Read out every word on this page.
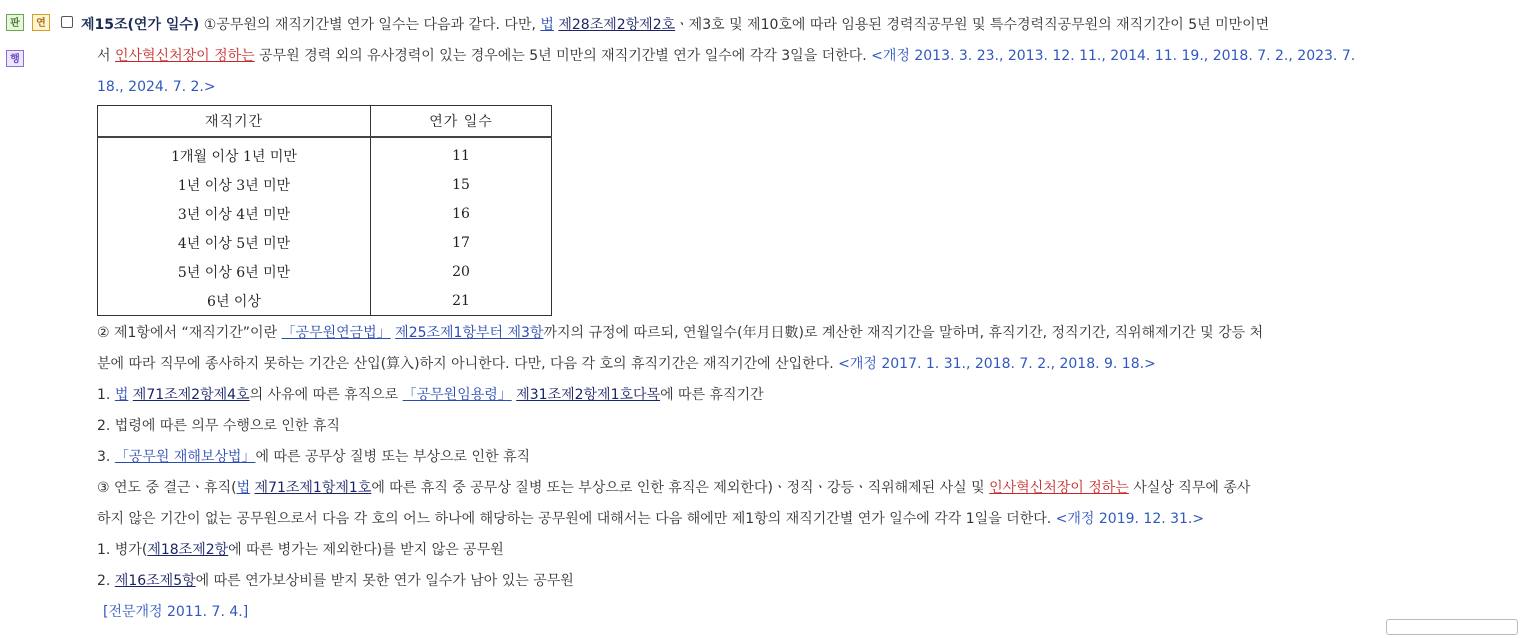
판	연
행

제15조(연가 일수) ①공무원의 재직기간별 연가 일수는 다음과 같다. 다만, 법 제28조제2항제2호ㆍ제3호 및 제10호에 따라 임용된 경력직공무원 및 특수경력직공무원의 재직기간이 5년 미만이면

서 인사혁신처장이 정하는 공무원 경력 외의 유사경력이 있는 경우에는 5년 미만의 재직기간별 연가 일수에 각각 3일을 더한다. <개정 2013. 3. 23., 2013. 12. 11., 2014. 11. 19., 2018. 7. 2., 2023. 7.

18., 2024. 7. 2.>

재직기간	연가 일수
1개월 이상 1년 미만	11
1년 이상 3년 미만	15
3년 이상 4년 미만	16
4년 이상 5년 미만	17
5년 이상 6년 미만	20
6년 이상	21

② 제1항에서 “재직기간”이란 「공무원연금법」 제25조제1항부터 제3항까지의 규정에 따르되, 연월일수(年月日數)로 계산한 재직기간을 말하며, 휴직기간, 정직기간, 직위해제기간 및 강등 처

분에 따라 직무에 종사하지 못하는 기간은 산입(算入)하지 아니한다. 다만, 다음 각 호의 휴직기간은 재직기간에 산입한다. <개정 2017. 1. 31., 2018. 7. 2., 2018. 9. 18.>

1. 법 제71조제2항제4호의 사유에 따른 휴직으로 「공무원임용령」 제31조제2항제1호다목에 따른 휴직기간

2. 법령에 따른 의무 수행으로 인한 휴직

3. 「공무원 재해보상법」에 따른 공무상 질병 또는 부상으로 인한 휴직

③ 연도 중 결근ㆍ휴직(법 제71조제1항제1호에 따른 휴직 중 공무상 질병 또는 부상으로 인한 휴직은 제외한다)ㆍ정직ㆍ강등ㆍ직위해제된 사실 및 인사혁신처장이 정하는 사실상 직무에 종사

하지 않은 기간이 없는 공무원으로서 다음 각 호의 어느 하나에 해당하는 공무원에 대해서는 다음 해에만 제1항의 재직기간별 연가 일수에 각각 1일을 더한다. <개정 2019. 12. 31.>

1. 병가(제18조제2항에 따른 병가는 제외한다)를 받지 않은 공무원

2. 제16조제5항에 따른 연가보상비를 받지 못한 연가 일수가 남아 있는 공무원

[전문개정 2011. 7. 4.]
